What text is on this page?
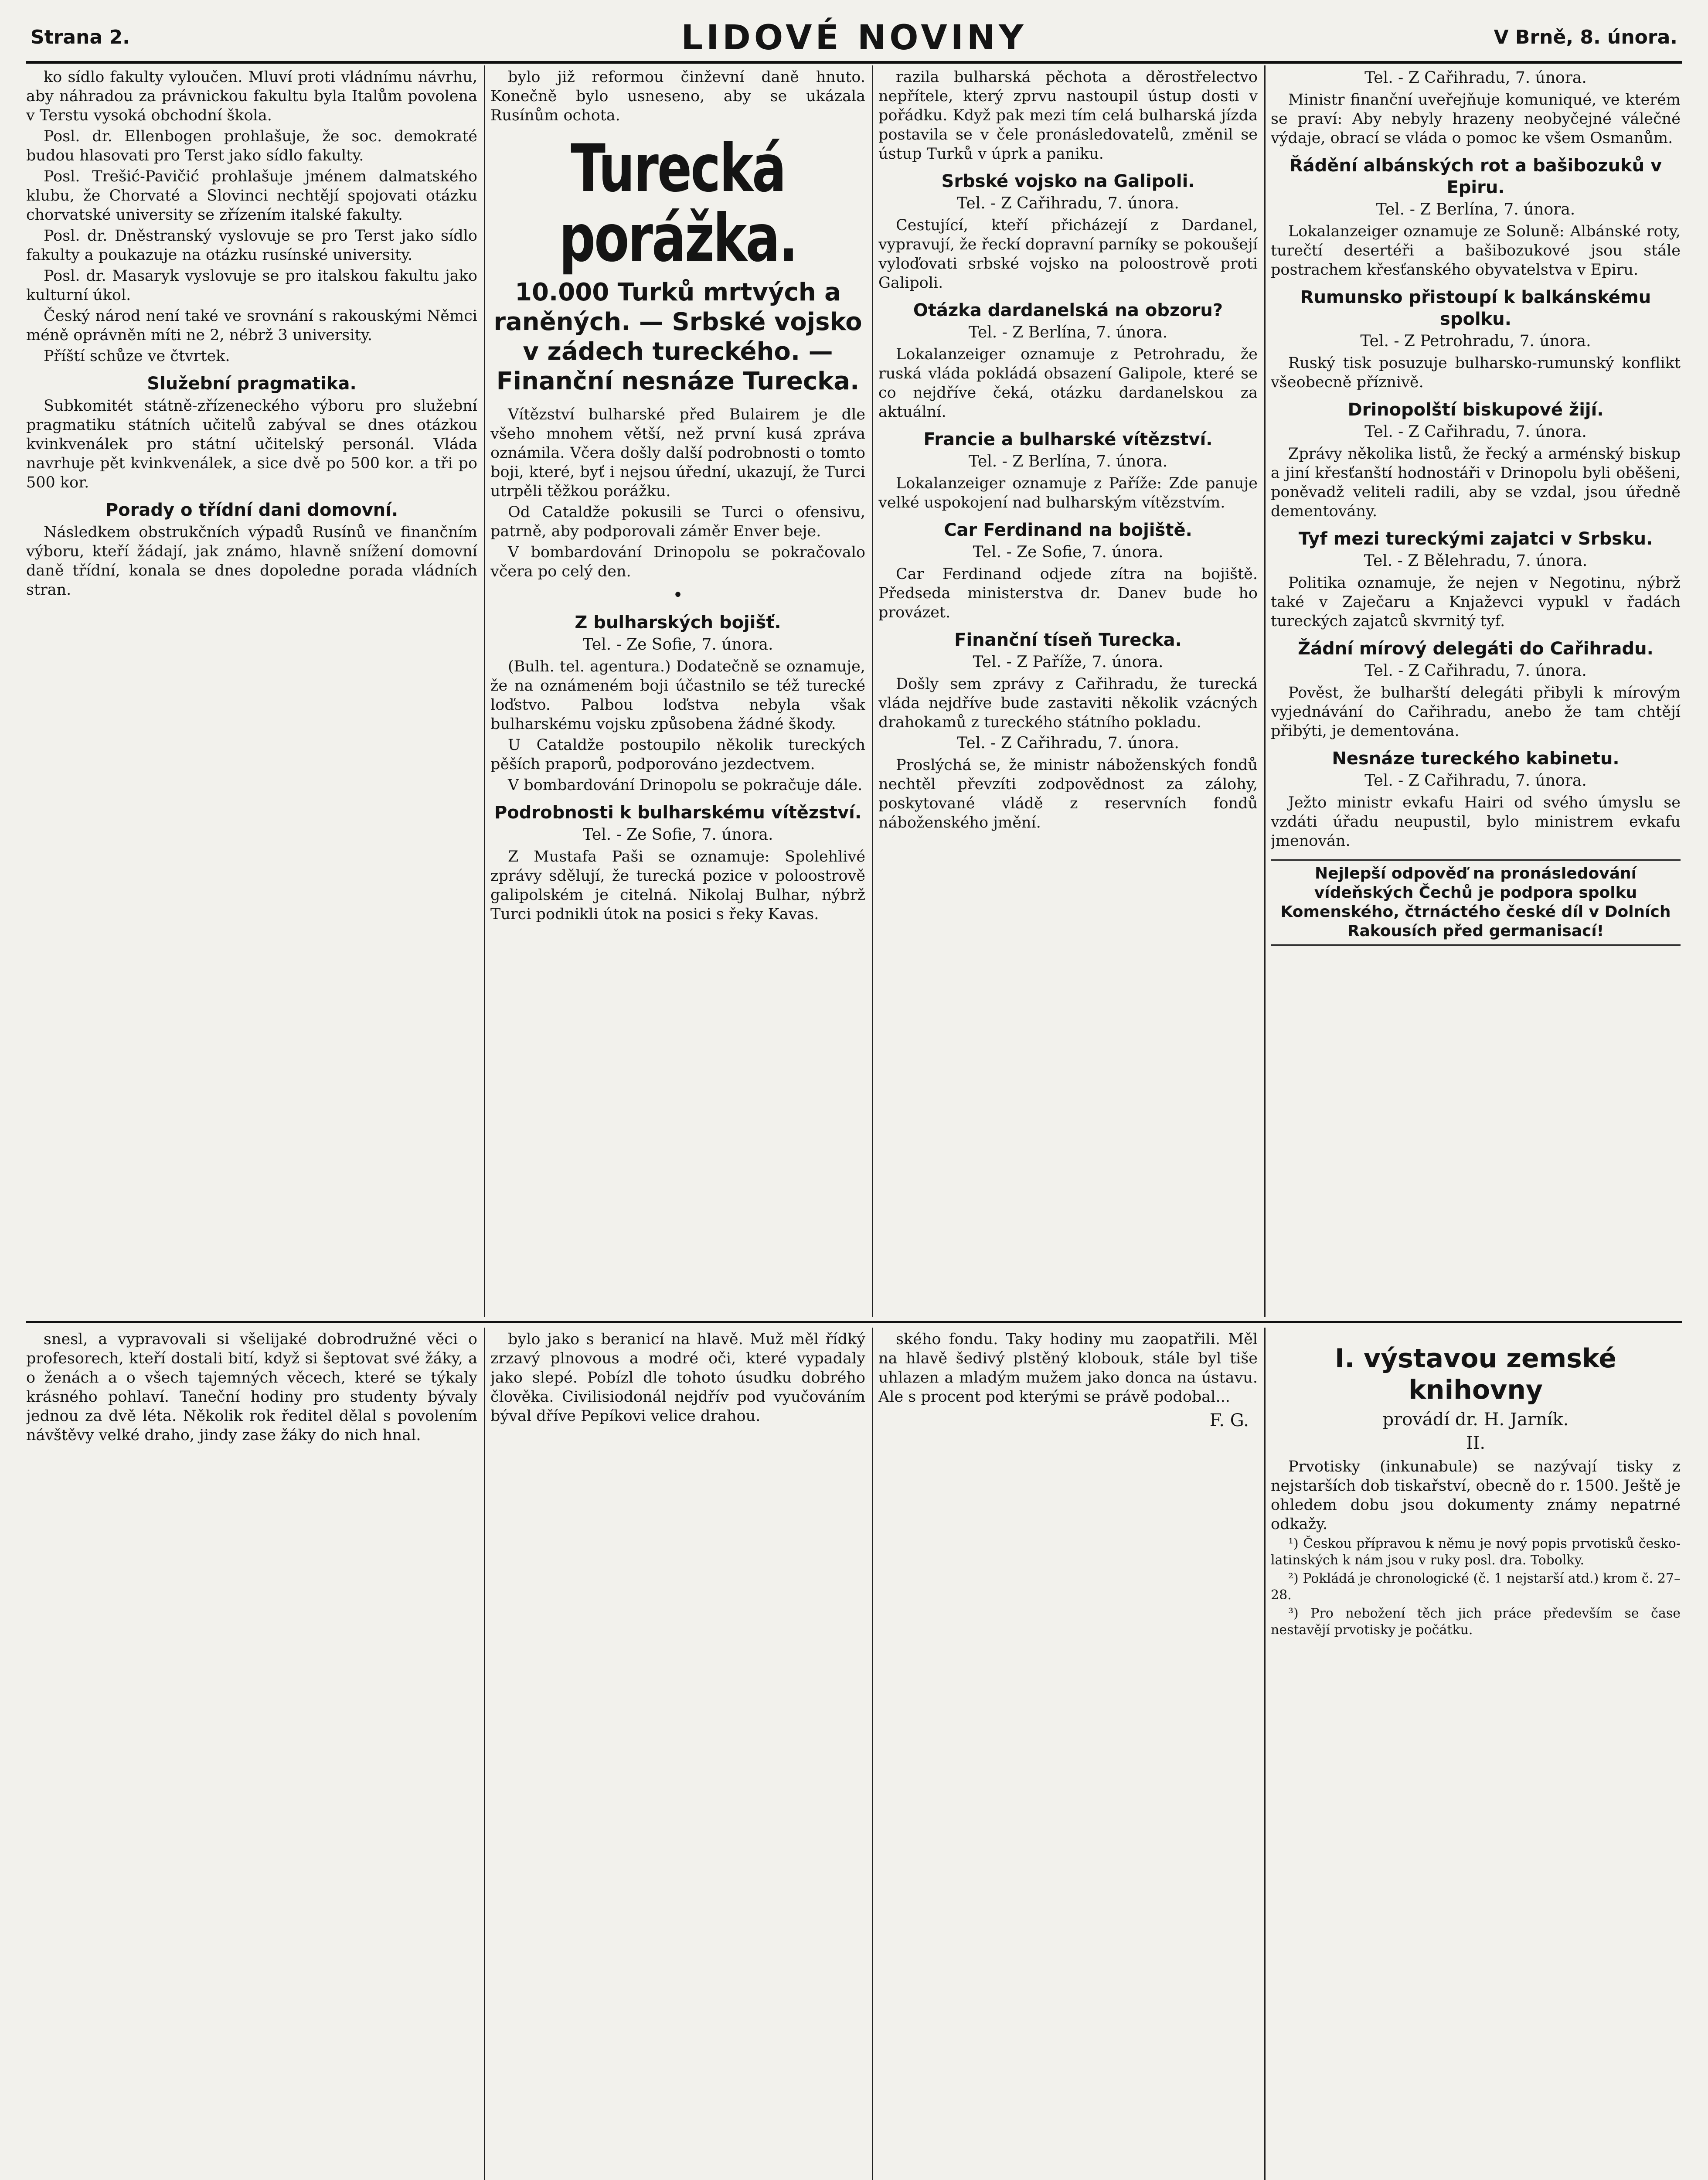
Strana 2.	LIDOVÉ NOVINY	V Brně, 8. února.

ko sídlo fakulty vyloučen. Mluví proti vládnímu návrhu, aby náhradou za právnickou fakultu byla Italům povolena v Terstu vysoká obchodní škola.

Posl. dr. Ellenbogen prohlašuje, že soc. demokraté budou hlasovati pro Terst jako sídlo fakulty.

Posl. Trešić-Pavičić prohlašuje jménem dalmatského klubu, že Chorvaté a Slovinci nechtějí spojovati otázku chorvatské university se zřízením italské fakulty.

Posl. dr. Dněstranský vyslovuje se pro Terst jako sídlo fakulty a poukazuje na otázku rusínské university.

Posl. dr. Masaryk vyslovuje se pro italskou fakultu jako kulturní úkol.

Český národ není také ve srovnání s rakouskými Němci méně oprávněn míti ne 2, nébrž 3 university.

Příští schůze ve čtvrtek.

Služební pragmatika.

Subkomitét státně-zřízeneckého výboru pro služební pragmatiku státních učitelů zabýval se dnes otázkou kvinkvenálek pro státní učitelský personál. Vláda navrhuje pět kvinkvenálek, a sice dvě po 500 kor. a tři po 500 kor.

Porady o třídní dani domovní.

Následkem obstrukčních výpadů Rusínů ve finančním výboru, kteří žádají, jak známo, hlavně snížení domovní daně třídní, konala se dnes dopoledne porada vládních stran.

bylo již reformou činževní daně hnuto. Konečně bylo usneseno, aby se ukázala Rusínům ochota.

Turecká porážka.
10.000 Turků mrtvých a raněných. — Srbské vojsko v zádech tureckého. — Finanční nesnáze Turecka.

Vítězství bulharské před Bulairem je dle všeho mnohem větší, než první kusá zpráva oznámila. Včera došly další podrobnosti o tomto boji, které, byť i nejsou úřední, ukazují, že Turci utrpěli těžkou porážku.

Od Cataldže pokusili se Turci o ofensivu, patrně, aby podporovali záměr Enver beje.

V bombardování Drinopolu se pokračovalo včera po celý den.

•
Z bulharských bojišť.
Tel. - Ze Sofie, 7. února.

(Bulh. tel. agentura.) Dodatečně se oznamuje, že na oznámeném boji účastnilo se též turecké loďstvo. Palbou loďstva nebyla však bulharskému vojsku způsobena žádné škody.

U Cataldže postoupilo několik tureckých pěších praporů, podporováno jezdectvem.

V bombardování Drinopolu se pokračuje dále.

Podrobnosti k bulharskému vítězství.
Tel. - Ze Sofie, 7. února.

Z Mustafa Paši se oznamuje: Spolehlivé zprávy sdělují, že turecká pozice v poloostrově galipolském je citelná. Nikolaj Bulhar, nýbrž Turci podnikli útok na posici s řeky Kavas.

razila bulharská pěchota a děrostřelectvo nepřítele, který zprvu nastoupil ústup dosti v pořádku. Když pak mezi tím celá bulharská jízda postavila se v čele pronásledovatelů, změnil se ústup Turků v úprk a paniku.

Srbské vojsko na Galipoli.
Tel. - Z Cařihradu, 7. února.

Cestující, kteří přicházejí z Dardanel, vypravují, že řeckí dopravní parníky se pokoušejí vyloďovati srbské vojsko na poloostrově proti Galipoli.

Otázka dardanelská na obzoru?
Tel. - Z Berlína, 7. února.

Lokalanzeiger oznamuje z Petrohradu, že ruská vláda pokládá obsazení Galipole, které se co nejdříve čeká, otázku dardanelskou za aktuální.

Francie a bulharské vítězství.
Tel. - Z Berlína, 7. února.

Lokalanzeiger oznamuje z Paříže: Zde panuje velké uspokojení nad bulharským vítězstvím.

Car Ferdinand na bojiště.
Tel. - Ze Sofie, 7. února.

Car Ferdinand odjede zítra na bojiště. Předseda ministerstva dr. Danev bude ho provázet.

Finanční tíseň Turecka.
Tel. - Z Paříže, 7. února.

Došly sem zprávy z Cařihradu, že turecká vláda nejdříve bude zastaviti několik vzácných drahokamů z tureckého státního pokladu.

Tel. - Z Cařihradu, 7. února.

Proslýchá se, že ministr náboženských fondů nechtěl převzíti zodpovědnost za zálohy, poskytované vládě z reservních fondů náboženského jmění.

Tel. - Z Cařihradu, 7. února.

Ministr finanční uveřejňuje komuniqué, ve kterém se praví: Aby nebyly hrazeny neobyčejné válečné výdaje, obrací se vláda o pomoc ke všem Osmanům.

Řádění albánských rot a bašibozuků v Epiru.
Tel. - Z Berlína, 7. února.

Lokalanzeiger oznamuje ze Soluně: Albánské roty, turečtí desertéři a bašibozukové jsou stále postrachem křesťanského obyvatelstva v Epiru.

Rumunsko přistoupí k balkánskému spolku.
Tel. - Z Petrohradu, 7. února.

Ruský tisk posuzuje bulharsko-rumunský konflikt všeobecně příznivě.

Drinopolští biskupové žijí.
Tel. - Z Cařihradu, 7. února.

Zprávy několika listů, že řecký a arménský biskup a jiní křesťanští hodnostáři v Drinopolu byli oběšeni, poněvadž veliteli radili, aby se vzdal, jsou úředně dementovány.

Tyf mezi tureckými zajatci v Srbsku.
Tel. - Z Bělehradu, 7. února.

Politika oznamuje, že nejen v Negotinu, nýbrž také v Zaječaru a Knjaževci vypukl v řadách tureckých zajatců skvrnitý tyf.

Žádní mírový delegáti do Cařihradu.
Tel. - Z Cařihradu, 7. února.

Pověst, že bulharští delegáti přibyli k mírovým vyjednávání do Cařihradu, anebo že tam chtějí přibýti, je dementována.

Nesnáze tureckého kabinetu.
Tel. - Z Cařihradu, 7. února.

Ježto ministr evkafu Hairi od svého úmyslu se vzdáti úřadu neupustil, bylo ministrem evkafu jmenován.

Nejlepší odpověď na pronásledování vídeňských Čechů je podpora spolku Komenského, čtrnáctého české díl v Dolních Rakousích před germanisací!

snesl, a vypravovali si všelijaké dobrodružné věci o profesorech, kteří dostali bití, když si šeptovat své žáky, a o ženách a o všech tajemných věcech, které se týkaly krásného pohlaví. Taneční hodiny pro studenty bývaly jednou za dvě léta. Několik rok ředitel dělal s povolením návštěvy velké draho, jindy zase žáky do nich hnal.

bylo jako s beranicí na hlavě. Muž měl řídký zrzavý plnovous a modré oči, které vypadaly jako slepé. Pobízl dle tohoto úsudku dobrého člověka. Civilisiodonál nejdřív pod vyučováním býval dříve Pepíkovi velice drahou.

ského fondu. Taky hodiny mu zaopatřili. Měl na hlavě šedivý plstěný klobouk, stále byl tiše uhlazen a mladým mužem jako donca na ústavu. Ale s procent pod kterými se právě podobal...

F. G.
I. výstavou zemské knihovny
provádí dr. H. Jarník.
II.

Prvotisky (inkunabule) se nazývají tisky z nejstarších dob tiskařství, obecně do r. 1500. Ještě je ohledem dobu jsou dokumenty známy nepatrné odkažy.

¹) Českou přípravou k němu je nový popis prvotisků česko-latinských k nám jsou v ruky posl. dra. Tobolky.

²) Pokládá je chronologické (č. 1 nejstarší atd.) krom č. 27–28.

³) Pro nebožení těch jich práce především se čase nestavějí prvotisky je počátku.
